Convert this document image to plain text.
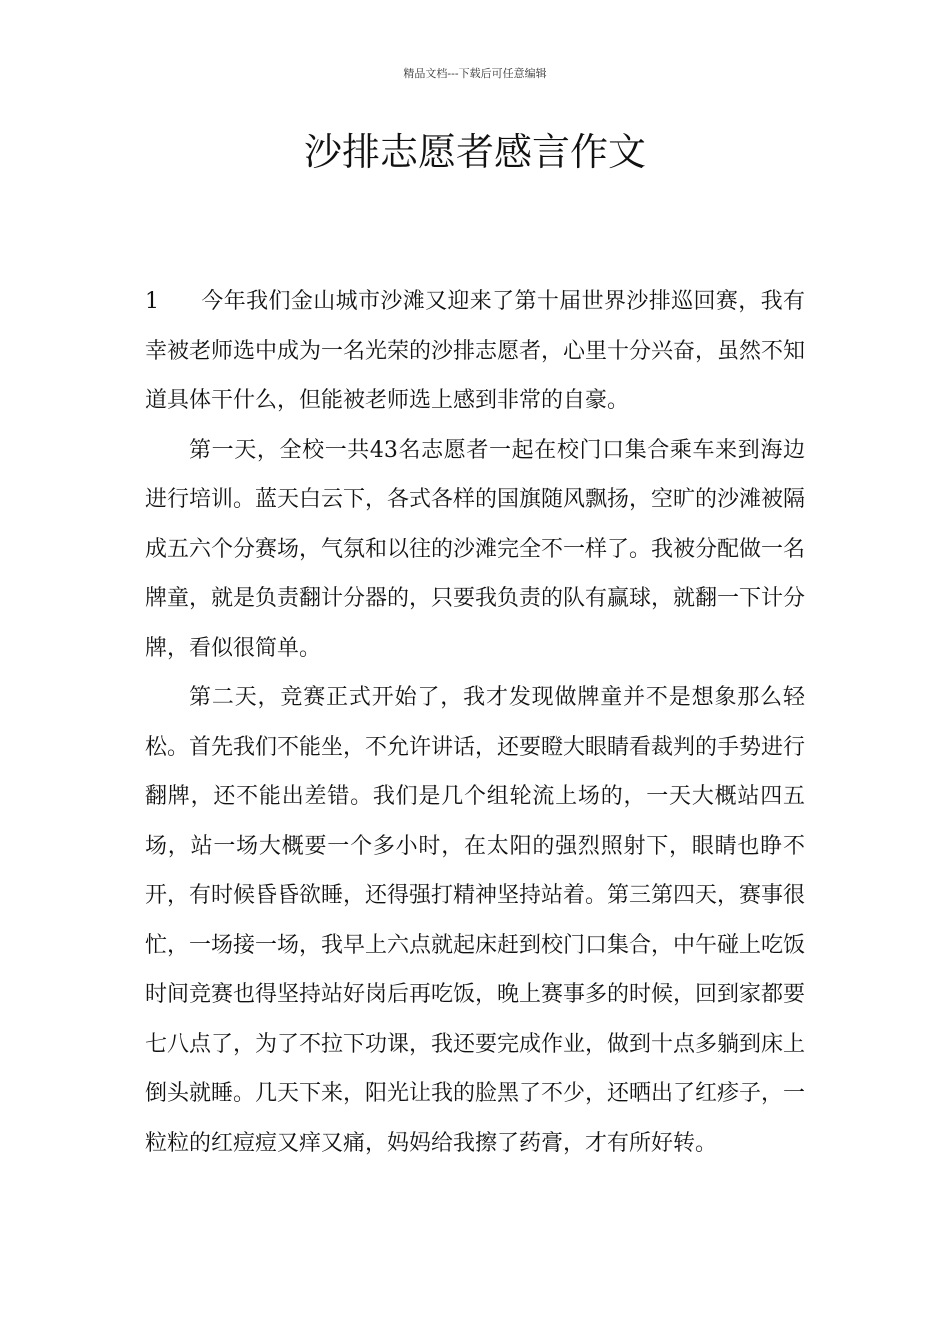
精品文档---下载后可任意编辑
沙排志愿者感言作文

1 今年我们金山城市沙滩又迎来了第十届世界沙排巡回赛，我有幸被老师选中成为一名光荣的沙排志愿者，心里十分兴奋，虽然不知道具体干什么，但能被老师选上感到非常的自豪。

第一天，全校一共43名志愿者一起在校门口集合乘车来到海边进行培训。蓝天白云下，各式各样的国旗随风飘扬，空旷的沙滩被隔成五六个分赛场，气氛和以往的沙滩完全不一样了。我被分配做一名牌童，就是负责翻计分器的，只要我负责的队有赢球，就翻一下计分牌，看似很简单。

第二天，竞赛正式开始了，我才发现做牌童并不是想象那么轻松。首先我们不能坐，不允许讲话，还要瞪大眼睛看裁判的手势进行翻牌，还不能出差错。我们是几个组轮流上场的，一天大概站四五场，站一场大概要一个多小时，在太阳的强烈照射下，眼睛也睁不开，有时候昏昏欲睡，还得强打精神坚持站着。第三第四天，赛事很忙，一场接一场，我早上六点就起床赶到校门口集合，中午碰上吃饭时间竞赛也得坚持站好岗后再吃饭，晚上赛事多的时候，回到家都要七八点了，为了不拉下功课，我还要完成作业，做到十点多躺到床上倒头就睡。几天下来，阳光让我的脸黑了不少，还晒出了红疹子，一粒粒的红痘痘又痒又痛，妈妈给我擦了药膏，才有所好转。
